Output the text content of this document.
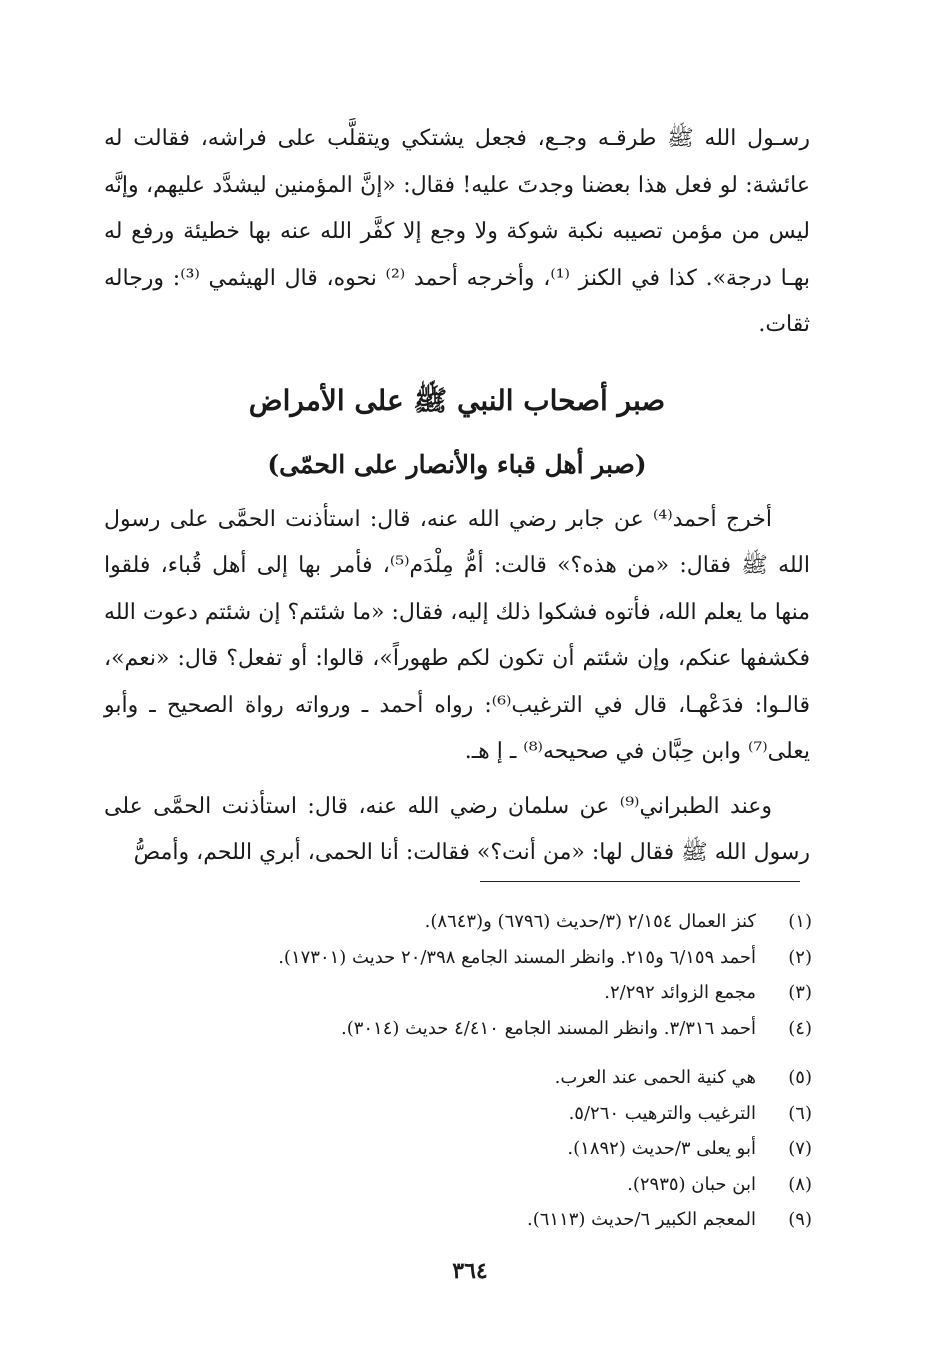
رسـول الله ﷺ طرقـه وجـع، فجعل يشتكي ويتقلَّب على فراشه، فقالت له عائشة: لو فعل هذا بعضنا وجدتَ عليه! فقال: «إنَّ المؤمنين ليشدَّد عليهم، وإنَّه ليس من مؤمن تصيبه نكبة شوكة ولا وجع إلا كفَّر الله عنه بها خطيئة ورفع له بهـا درجة». كذا في الكنز ⁽¹⁾، وأخرجه أحمد ⁽²⁾ نحوه، قال الهيثمي ⁽³⁾: ورجاله ثقات.

صبر أصحاب النبي ﷺ على الأمراض
(صبر أهل قباء والأنصار على الحمّى)

أخرج أحمد⁽⁴⁾ عن جابر رضي الله عنه، قال: استأذنت الحمَّى على رسول الله ﷺ فقال: «من هذه؟» قالت: أمُّ مِلْدَم⁽⁵⁾، فأمر بها إلى أهل قُباء، فلقوا منها ما يعلم الله، فأتوه فشكوا ذلك إليه، فقال: «ما شئتم؟ إن شئتم دعوت الله فكشفها عنكم، وإن شئتم أن تكون لكم طهوراً»، قالوا: أو تفعل؟ قال: «نعم»، قالـوا: فدَعْهـا، قال في الترغيب⁽⁶⁾: رواه أحمد ـ ورواته رواة الصحيح ـ وأبو يعلى⁽⁷⁾ وابن حِبَّان في صحيحه⁽⁸⁾ ـ إ هـ.

وعند الطبراني⁽⁹⁾ عن سلمان رضي الله عنه، قال: استأذنت الحمَّى على رسول الله ﷺ فقال لها: «من أنت؟» فقالت: أنا الحمى، أبري اللحم، وأمصُّ

(١)
كنز العمال ٢/١٥٤ (٣/حديث (٦٧٩٦) و(٨٦٤٣).
(٢)
أحمد ٦/١٥٩ و٢١٥. وانظر المسند الجامع ٢٠/٣٩٨ حديث (١٧٣٠١).
(٣)
مجمع الزوائد ٢/٢٩٢.
(٤)
أحمد ٣/٣١٦. وانظر المسند الجامع ٤/٤١٠ حديث (٣٠١٤).
(٥)
هي كنية الحمى عند العرب.
(٦)
الترغيب والترهيب ٥/٢٦٠.
(٧)
أبو يعلى ٣/حديث (١٨٩٢).
(٨)
ابن حبان (٢٩٣٥).
(٩)
المعجم الكبير ٦/حديث (٦١١٣).
٣٦٤
